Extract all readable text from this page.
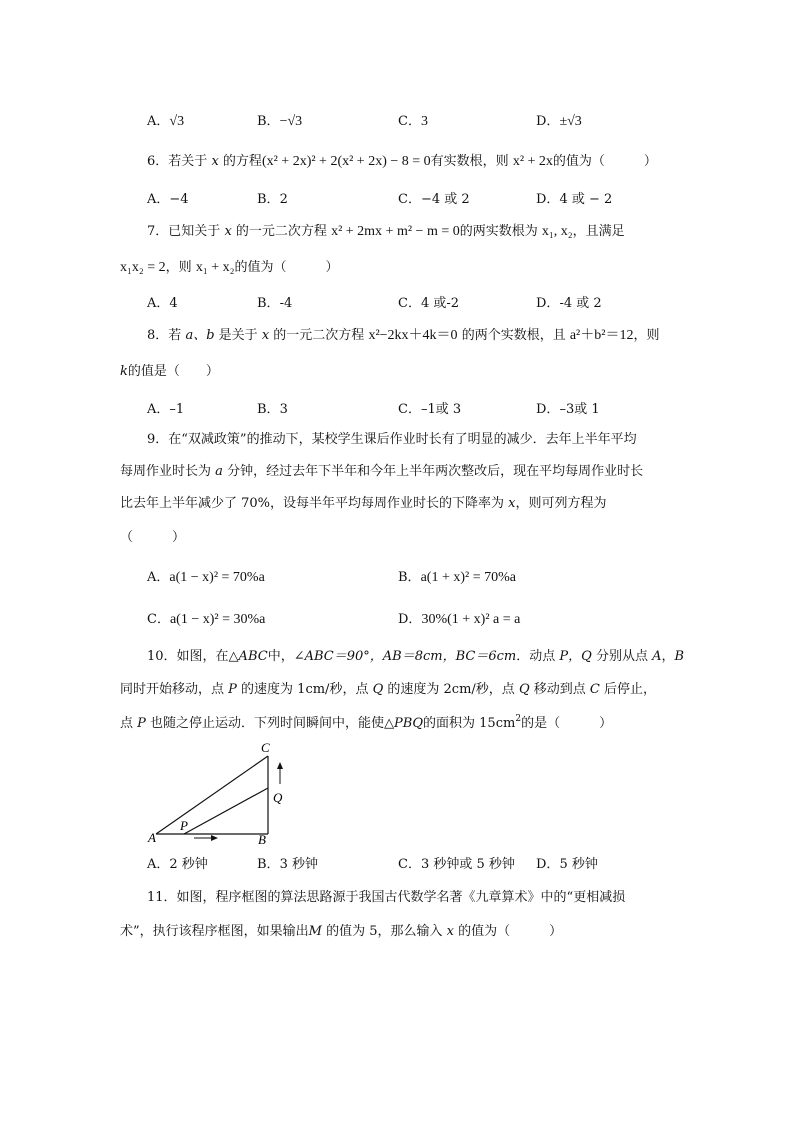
A．√3	B．−√3	C．3	D．±√3
6．若关于 x 的方程(x² + 2x)² + 2(x² + 2x) − 8 = 0有实数根，则 x² + 2x的值为（　　　）
A．−4	B．2	C．−4 或 2	D．4 或 − 2
7．已知关于 x 的一元二次方程 x² + 2mx + m² − m = 0的两实数根为 x₁, x₂，且满足
x₁x₂ = 2，则 x₁ + x₂的值为（　　　）
A．4	B．-4	C．4 或-2	D．-4 或 2
8．若 a、b 是关于 x 的一元二次方程 x²−2kx＋4k＝0 的两个实数根，且 a²＋b²＝12，则
k的值是（　　）
A．–1	B．3	C．–1或 3	D．–3或 1
9．在“双减政策”的推动下，某校学生课后作业时长有了明显的减少．去年上半年平均
每周作业时长为 a 分钟，经过去年下半年和今年上半年两次整改后，现在平均每周作业时长
比去年上半年减少了 70%，设每半年平均每周作业时长的下降率为 x，则可列方程为
（　　　）
A．a(1 − x)² = 70%a	B．a(1 + x)² = 70%a
C．a(1 − x)² = 30%a	D．30%(1 + x)² a = a
10．如图，在△ABC中，∠ABC＝90°，AB＝8cm，BC＝6cm．动点 P，Q 分别从点 A，B
同时开始移动，点 P 的速度为 1cm/秒，点 Q 的速度为 2cm/秒，点 Q 移动到点 C 后停止，
点 P 也随之停止运动．下列时间瞬间中，能使△PBQ的面积为 $15cm^2$的是（　　　）
C
Q
A
P
B
A．2 秒钟	B．3 秒钟	C．3 秒钟或 5 秒钟 D．5 秒钟
11．如图，程序框图的算法思路源于我国古代数学名著《九章算术》中的“更相减损
术”，执行该程序框图，如果输出M 的值为 5，那么输入 x 的值为（　　　）
